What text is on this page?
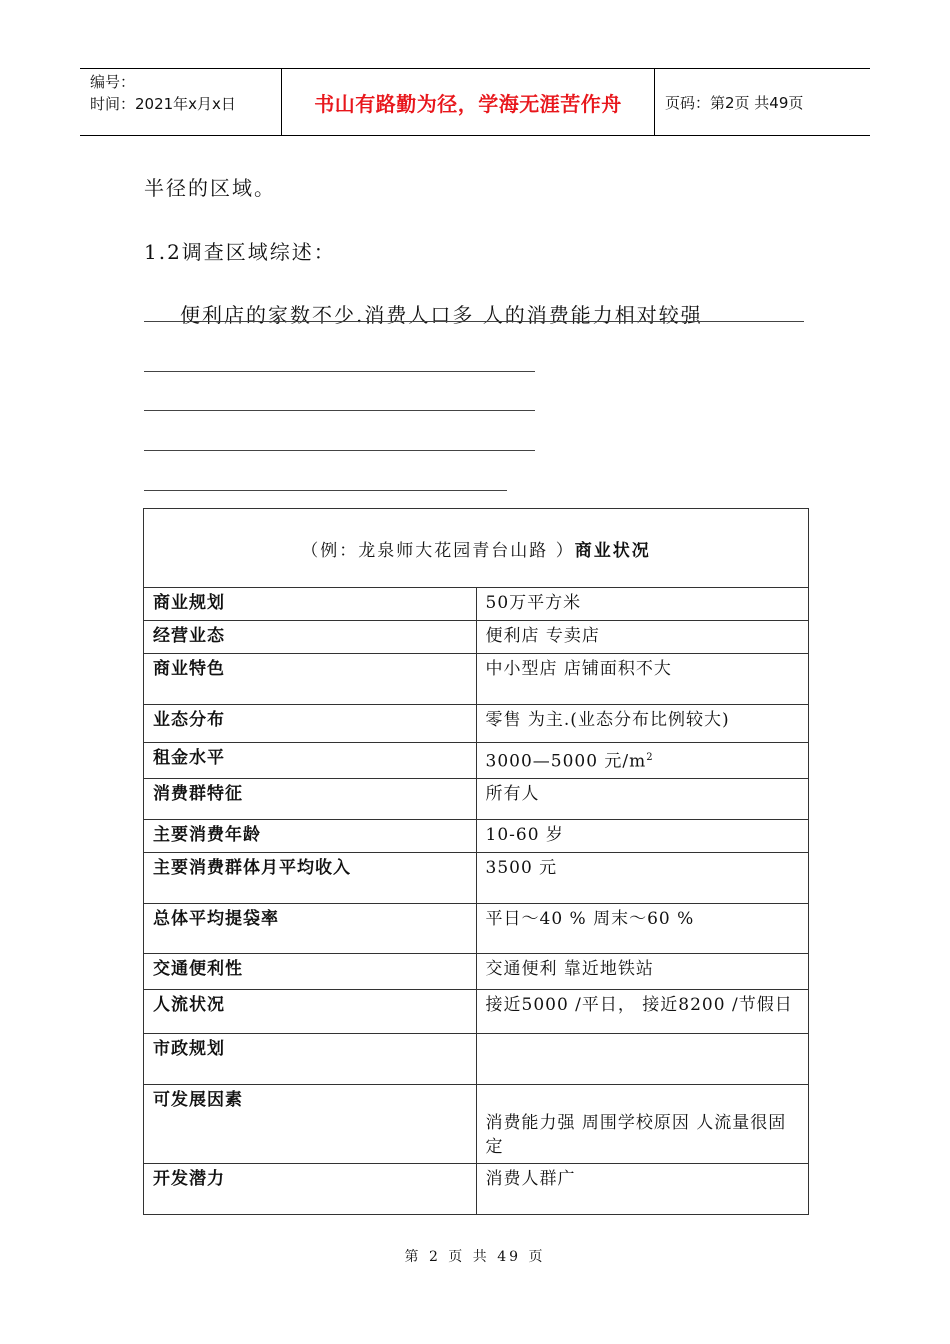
编号：
时间：2021年x月x日	书山有路勤为径，学海无涯苦作舟	页码：第2页 共49页
半径的区域。
1.2调查区域综述：
便利店的家数不少.消费人口多 人的消费能力相对较强
（例：龙泉师大花园青台山路 ）商业状况	
商业规划	50万平方米
经营业态	便利店 专卖店
商业特色	中小型店 店铺面积不大
业态分布	零售 为主.(业态分布比例较大)
租金水平	3000—5000 元$/m^2$
消费群特征	所有人
主要消费年龄	10-60 岁
主要消费群体月平均收入	3500 元
总体平均提袋率	平日～40 % 周末～60 %
交通便利性	交通便利 靠近地铁站
人流状况	接近5000 /平日， 接近8200 /节假日
市政规划	
可发展因素	消费能力强 周围学校原因 人流量很固定
开发潜力	消费人群广
第 2 页 共 49 页
